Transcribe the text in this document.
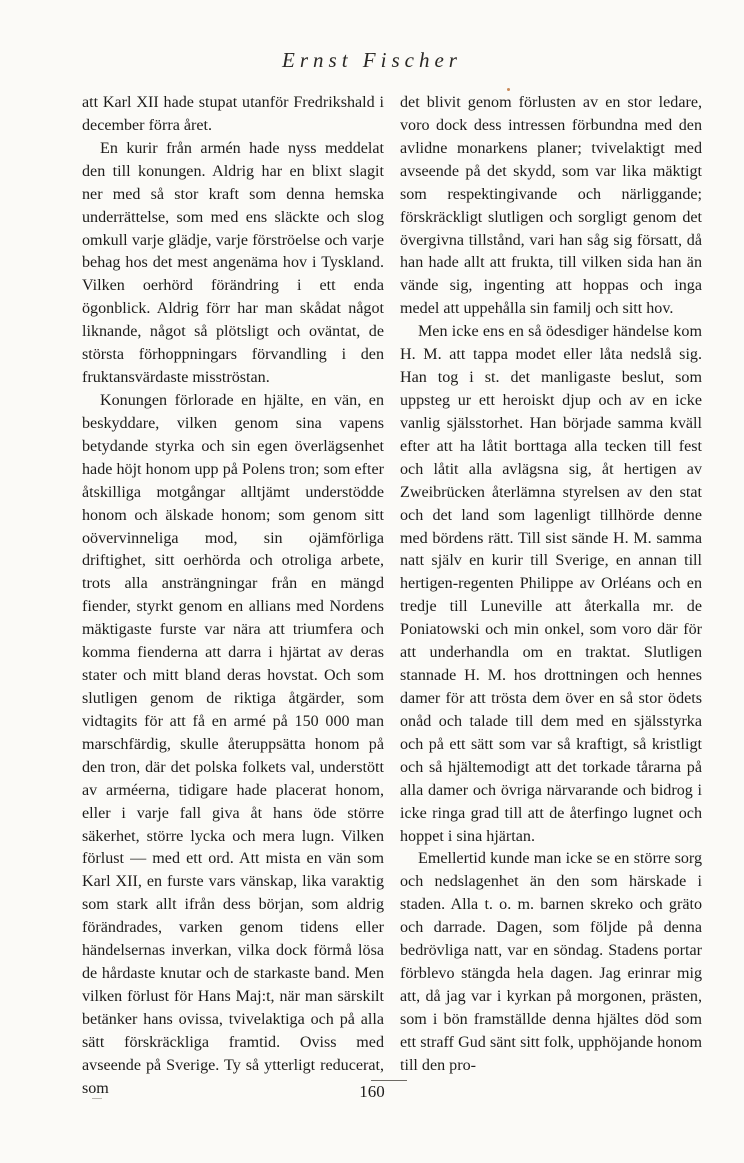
Ernst Fischer

att Karl XII hade stupat utanför Fredrikshald i december förra året.

En kurir från armén hade nyss meddelat den till konungen. Aldrig har en blixt slagit ner med så stor kraft som denna hemska underrättelse, som med ens släckte och slog omkull varje glädje, varje förströelse och varje behag hos det mest angenäma hov i Tyskland. Vilken oerhörd förändring i ett enda ögonblick. Aldrig förr har man skådat något liknande, något så plötsligt och oväntat, de största förhoppningars förvandling i den fruktansvärdaste misströstan.

Konungen förlorade en hjälte, en vän, en beskyddare, vilken genom sina vapens betydande styrka och sin egen överlägsenhet hade höjt honom upp på Polens tron; som efter åtskilliga motgångar alltjämt understödde honom och älskade honom; som genom sitt oövervinneliga mod, sin ojämförliga driftighet, sitt oerhörda och otroliga arbete, trots alla ansträngningar från en mängd fiender, styrkt genom en allians med Nordens mäktigaste furste var nära att triumfera och komma fienderna att darra i hjärtat av deras stater och mitt bland deras hovstat. Och som slutligen genom de riktiga åtgärder, som vidtagits för att få en armé på 150 000 man marschfärdig, skulle återuppsätta honom på den tron, där det polska folkets val, understött av arméerna, tidigare hade placerat honom, eller i varje fall giva åt hans öde större säkerhet, större lycka och mera lugn. Vilken förlust — med ett ord. Att mista en vän som Karl XII, en furste vars vänskap, lika varaktig som stark allt ifrån dess början, som aldrig förändrades, varken genom tidens eller händelsernas inverkan, vilka dock förmå lösa de hårdaste knutar och de starkaste band. Men vilken förlust för Hans Maj:t, när man särskilt betänker hans ovissa, tvivelaktiga och på alla sätt förskräckliga framtid. Oviss med avseende på Sverige. Ty så ytterligt reducerat, som

det blivit genom förlusten av en stor ledare, voro dock dess intressen förbundna med den avlidne monarkens planer; tvivelaktigt med avseende på det skydd, som var lika mäktigt som respektingivande och närliggande; förskräckligt slutligen och sorgligt genom det övergivna tillstånd, vari han såg sig försatt, då han hade allt att frukta, till vilken sida han än vände sig, ingenting att hoppas och inga medel att uppehålla sin familj och sitt hov.

Men icke ens en så ödesdiger händelse kom H. M. att tappa modet eller låta nedslå sig. Han tog i st. det manligaste beslut, som uppsteg ur ett heroiskt djup och av en icke vanlig själsstorhet. Han började samma kväll efter att ha låtit borttaga alla tecken till fest och låtit alla avlägsna sig, åt hertigen av Zweibrücken återlämna styrelsen av den stat och det land som lagenligt tillhörde denne med bördens rätt. Till sist sände H. M. samma natt själv en kurir till Sverige, en annan till hertigen-regenten Philippe av Orléans och en tredje till Luneville att återkalla mr. de Poniatowski och min onkel, som voro där för att underhandla om en traktat. Slutligen stannade H. M. hos drottningen och hennes damer för att trösta dem över en så stor ödets onåd och talade till dem med en själsstyrka och på ett sätt som var så kraftigt, så kristligt och så hjältemodigt att det torkade tårarna på alla damer och övriga närvarande och bidrog i icke ringa grad till att de återfingo lugnet och hoppet i sina hjärtan.

Emellertid kunde man icke se en större sorg och nedslagenhet än den som härskade i staden. Alla t. o. m. barnen skreko och gräto och darrade. Dagen, som följde på denna bedrövliga natt, var en söndag. Stadens portar förblevo stängda hela dagen. Jag erinrar mig att, då jag var i kyrkan på morgonen, prästen, som i bön framställde denna hjältes död som ett straff Gud sänt sitt folk, upphöjande honom till den pro-

160
